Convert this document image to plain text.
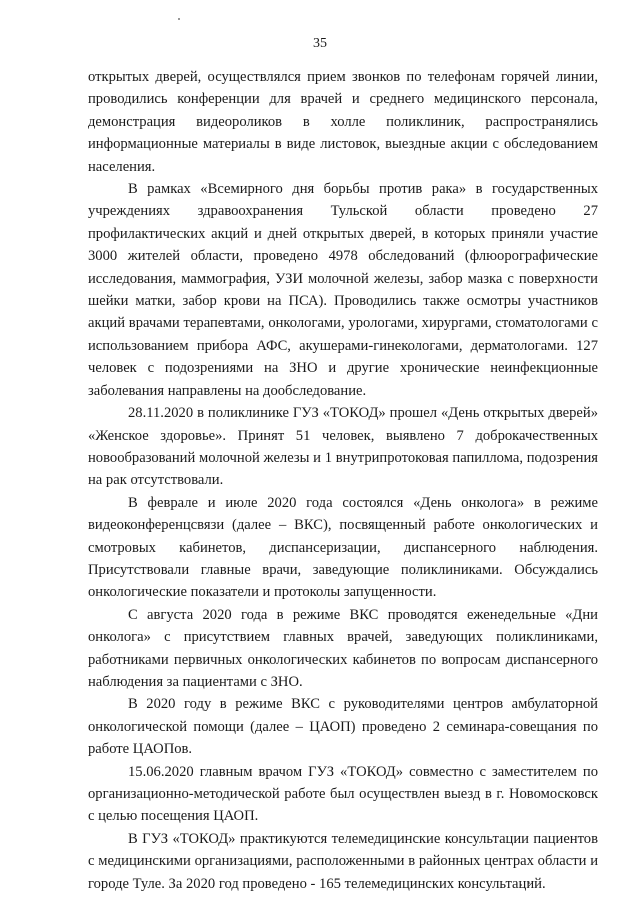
35

открытых дверей, осуществлялся прием звонков по телефонам горячей линии, проводились конференции для врачей и среднего медицинского персонала, демонстрация видеороликов в холле поликлиник, распространялись информационные материалы в виде листовок, выездные акции с обследованием населения.

В рамках «Всемирного дня борьбы против рака» в государственных учреждениях здравоохранения Тульской области проведено 27 профилактических акций и дней открытых дверей, в которых приняли участие 3000 жителей области, проведено 4978 обследований (флюорографические исследования, маммография, УЗИ молочной железы, забор мазка с поверхности шейки матки, забор крови на ПСА). Проводились также осмотры участников акций врачами терапевтами, онкологами, урологами, хирургами, стоматологами с использованием прибора АФС, акушерами-гинекологами, дерматологами. 127 человек с подозрениями на ЗНО и другие хронические неинфекционные заболевания направлены на дообследование.

28.11.2020 в поликлинике ГУЗ «ТОКОД» прошел «День открытых дверей» «Женское здоровье». Принят 51 человек, выявлено 7 доброкачественных новообразований молочной железы и 1 внутрипротоковая папиллома, подозрения на рак отсутствовали.

В феврале и июле 2020 года состоялся «День онколога» в режиме видеоконференцсвязи (далее – ВКС), посвященный работе онкологических и смотровых кабинетов, диспансеризации, диспансерного наблюдения. Присутствовали главные врачи, заведующие поликлиниками. Обсуждались онкологические показатели и протоколы запущенности.

С августа 2020 года в режиме ВКС проводятся еженедельные «Дни онколога» с присутствием главных врачей, заведующих поликлиниками, работниками первичных онкологических кабинетов по вопросам диспансерного наблюдения за пациентами с ЗНО.

В 2020 году в режиме ВКС с руководителями центров амбулаторной онкологической помощи (далее – ЦАОП) проведено 2 семинара-совещания по работе ЦАОПов.

15.06.2020 главным врачом ГУЗ «ТОКОД» совместно с заместителем по организационно-методической работе был осуществлен выезд в г. Новомосковск с целью посещения ЦАОП.

В ГУЗ «ТОКОД» практикуются телемедицинские консультации пациентов с медицинскими организациями, расположенными в районных центрах области и городе Туле. За 2020 год проведено - 165 телемедицинских консультаций.
